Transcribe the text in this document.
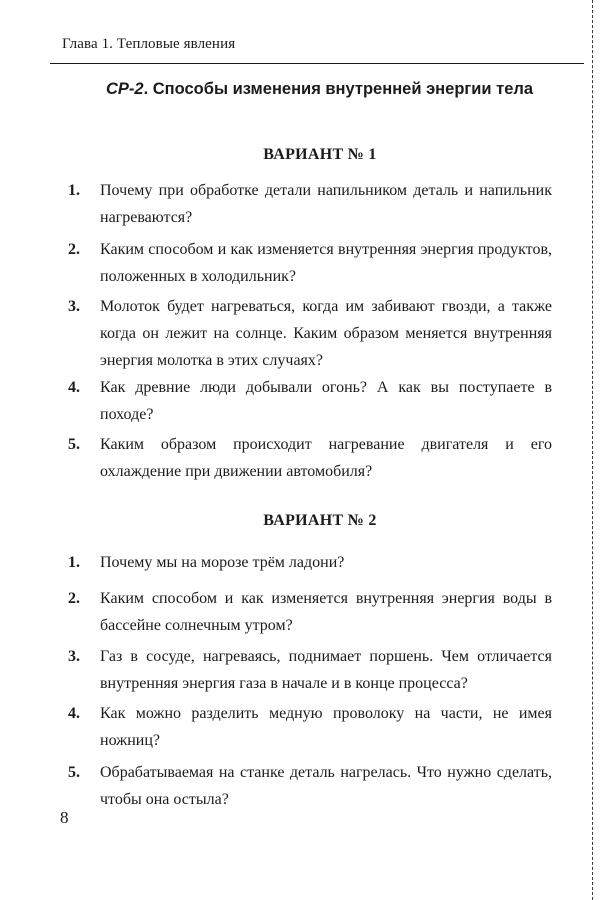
Глава 1. Тепловые явления
СР-2. Способы изменения внутренней энергии тела
ВАРИАНТ № 1
1. Почему при обработке детали напильником деталь и напильник нагреваются?
2. Каким способом и как изменяется внутренняя энергия продуктов, положенных в холодильник?
3. Молоток будет нагреваться, когда им забивают гвозди, а также когда он лежит на солнце. Каким образом меняется внутренняя энергия молотка в этих случаях?
4. Как древние люди добывали огонь? А как вы поступаете в походе?
5. Каким образом происходит нагревание двигателя и его охлаждение при движении автомобиля?
ВАРИАНТ № 2
1. Почему мы на морозе трём ладони?
2. Каким способом и как изменяется внутренняя энергия воды в бассейне солнечным утром?
3. Газ в сосуде, нагреваясь, поднимает поршень. Чем отличается внутренняя энергия газа в начале и в конце процесса?
4. Как можно разделить медную проволоку на части, не имея ножниц?
5. Обрабатываемая на станке деталь нагрелась. Что нужно сделать, чтобы она остыла?
8
